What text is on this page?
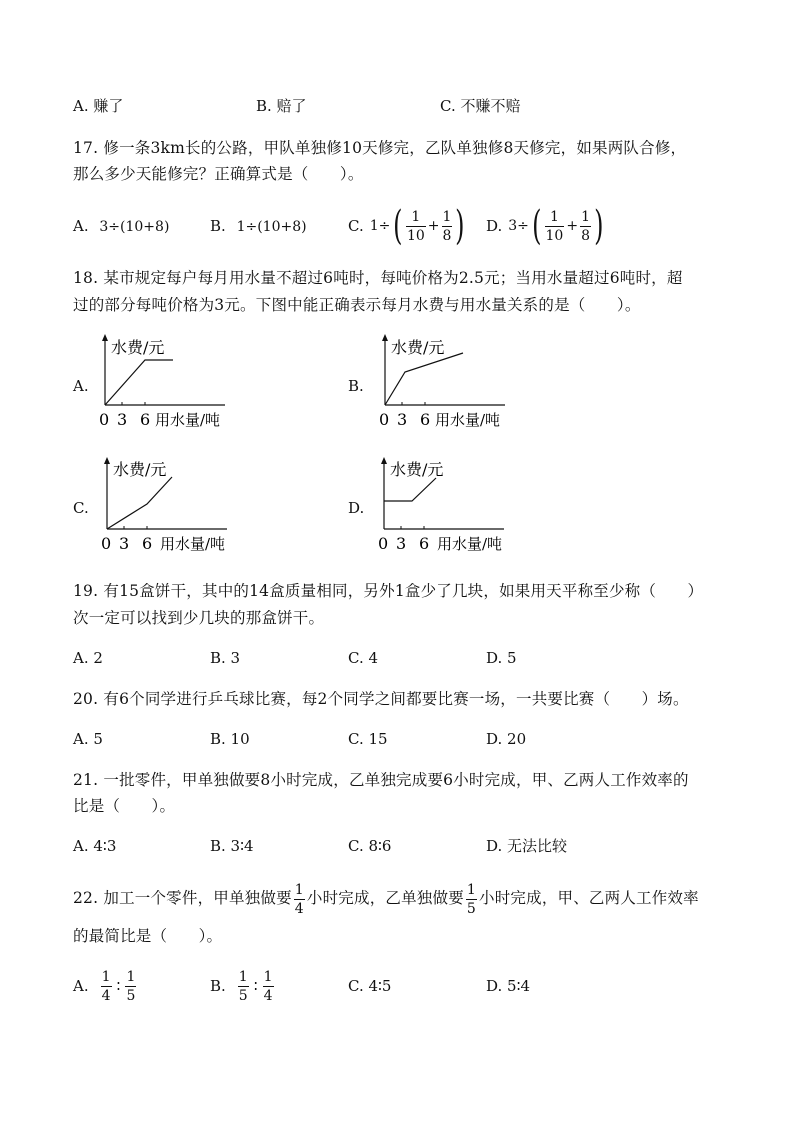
A. 赚了	B. 赔了	C. 不赚不赔
17. 修一条3km长的公路，甲队单独修10天修完，乙队单独修8天修完，如果两队合修，
那么多少天能修完？正确算式是（　　）。
A. 3÷(10+8)	B. 1÷(10+8)	C. 1÷ ( $\frac{1}{10} + \frac{1}{8}$ ) D. 3÷ ( $\frac{1}{10} + \frac{1}{8}$ )
18. 某市规定每户每月用水量不超过6吨时，每吨价格为2.5元；当用水量超过6吨时，超
过的部分每吨价格为3元。下图中能正确表示每月水费与用水量关系的是（　　）。
A.
水费/元
0 3 6 用水量/吨
B.
水费/元
0 3 6 用水量/吨
C.
水费/元
0 3 6 用水量/吨
D.
水费/元
0 3 6 用水量/吨
19. 有15盒饼干，其中的14盒质量相同，另外1盒少了几块，如果用天平称至少称（　　）
次一定可以找到少几块的那盒饼干。
A. 2	B. 3	C. 4	D. 5
20. 有6个同学进行乒乓球比赛，每2个同学之间都要比赛一场，一共要比赛（　　）场。
A. 5	B. 10	C. 15	D. 20
21. 一批零件，甲单独做要8小时完成，乙单独完成要6小时完成，甲、乙两人工作效率的
比是（　　）。
A. 4∶3	B. 3∶4	C. 8∶6	D. 无法比较
22. 加工一个零件，甲单独做要 $\frac{1}{4}$ 小时完成，乙单独做要 $\frac{1}{5}$ 小时完成，甲、乙两人工作效率
的最简比是（　　）。
A. $\frac{1}{4}$ ∶ $\frac{1}{5}$	B. $\frac{1}{5}$ ∶ $\frac{1}{4}$	C. 4∶5	D. 5∶4
